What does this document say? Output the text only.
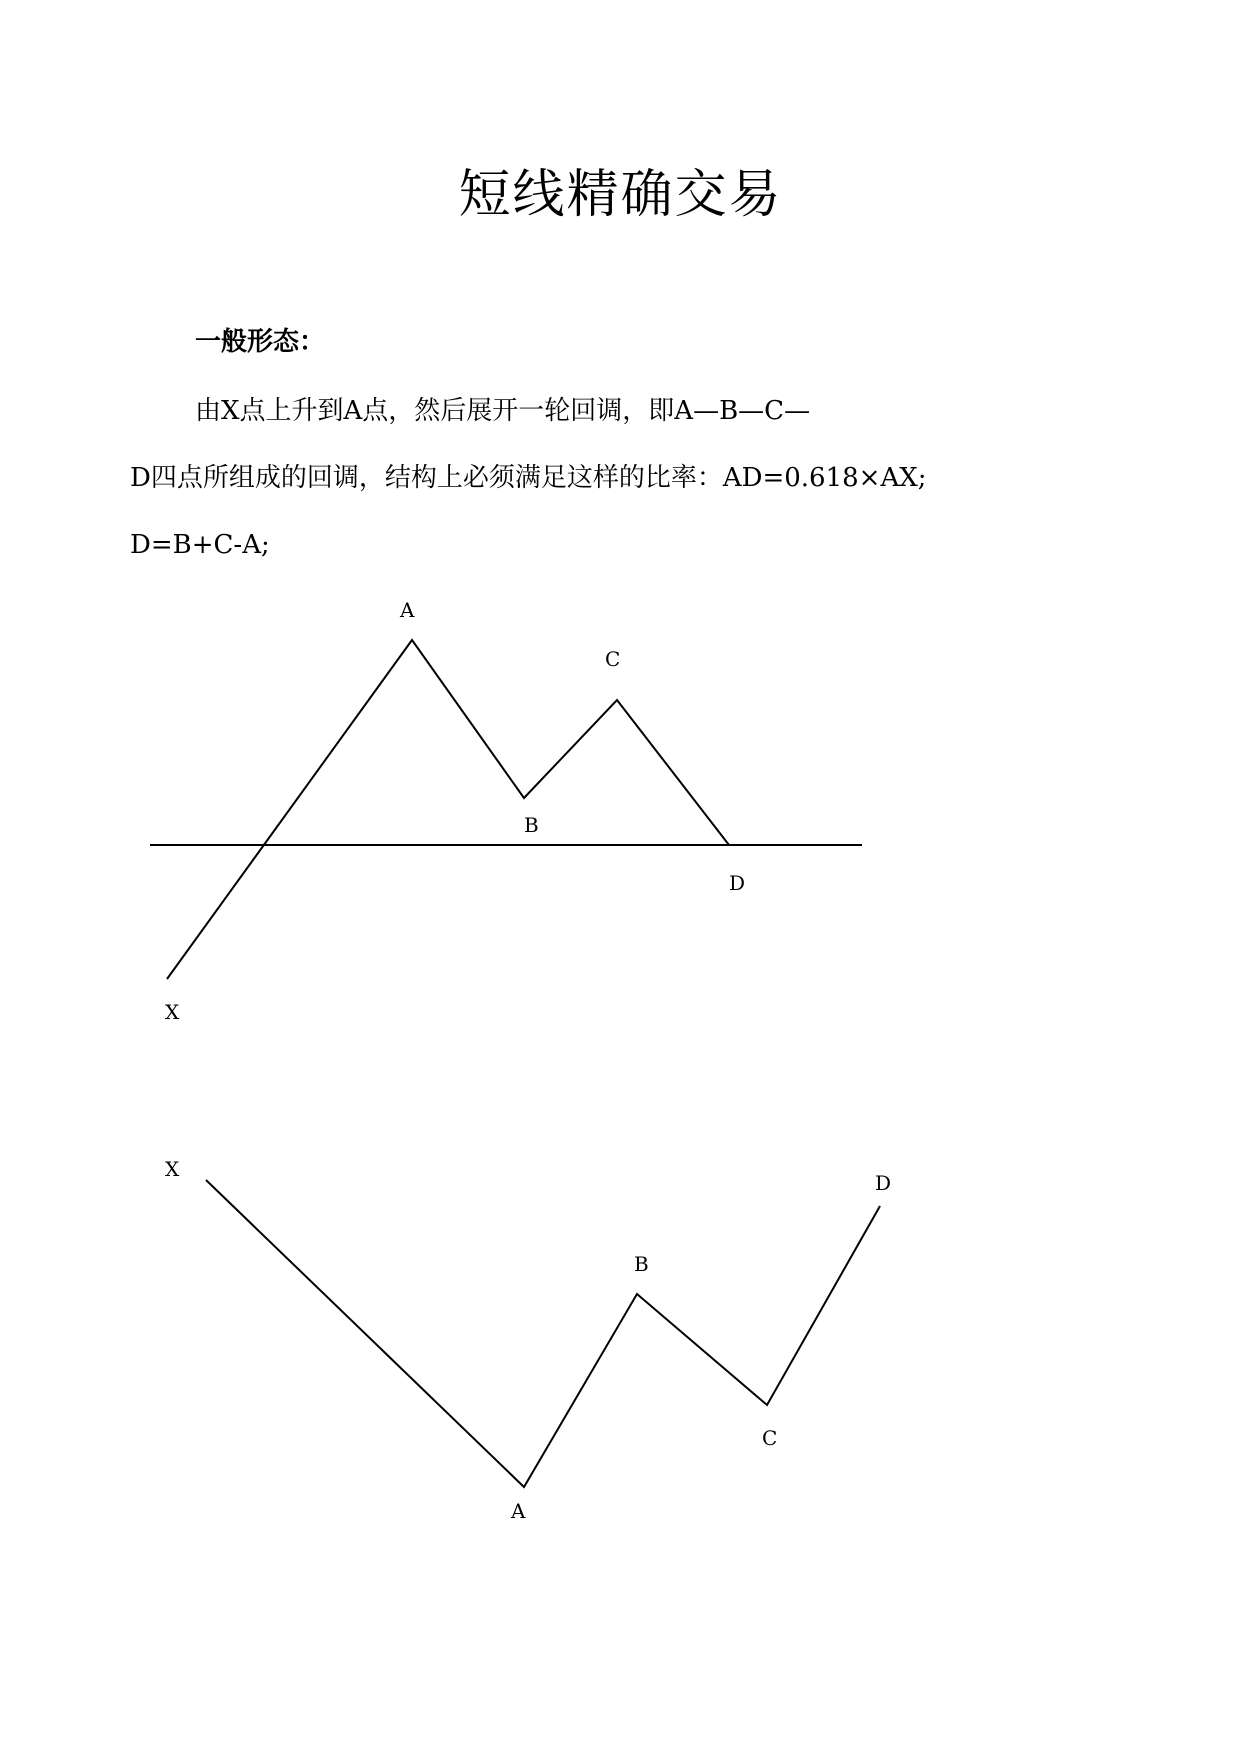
短线精确交易
一般形态：

由X点上升到A点，然后展开一轮回调，即A—B—C—

D四点所组成的回调，结构上必须满足这样的比率：AD=0.618×AX;

D=B+C-A;

A
B
C
D
X
X
A
B
C
D
